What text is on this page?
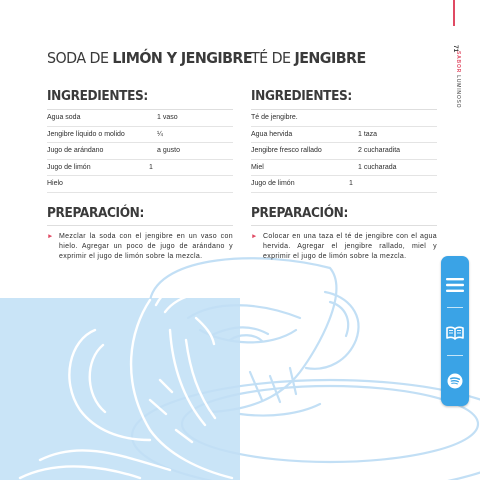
71
SABOR LUMINOSO
SODA DE LIMÓN Y JENGIBRE
INGREDIENTES:
Agua soda	1 vaso
Jengibre líquido o molido	¼
Jugo de arándano	a gusto
Jugo de limón	1
Hielo
PREPARACIÓN:

► Mezclar la soda con el jengibre en un vaso con hielo. Agregar un poco de jugo de arándano y exprimir el jugo de limón sobre la mezcla.

TÉ DE JENGIBRE
INGREDIENTES:
Té de jengibre.
Agua hervida	1 taza
Jengibre fresco rallado	2 cucharadita
Miel	1 cucharada
Jugo de limón	1
PREPARACIÓN:

► Colocar en una taza el té de jengibre con el agua hervida. Agregar el jengibre rallado, miel y exprimir el jugo de limón sobre la mezcla.
